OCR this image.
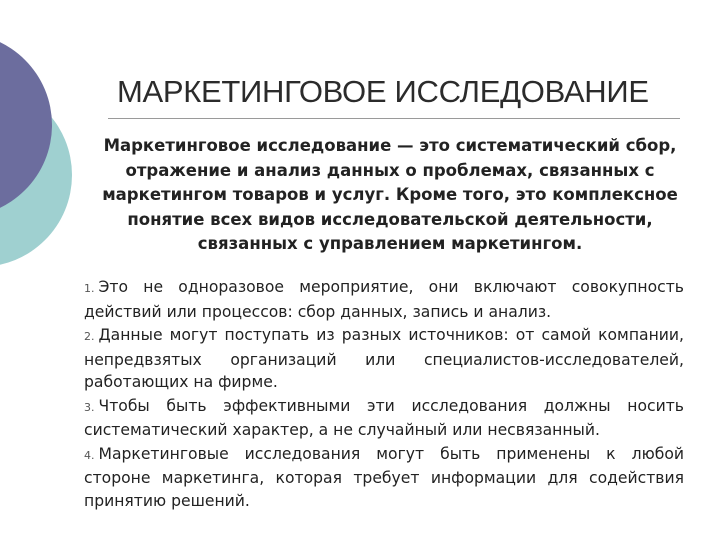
МАРКЕТИНГОВОЕ ИССЛЕДОВАНИЕ

Маркетинговое исследование — это систематический сбор, отражение и анализ данных о проблемах, связанных с маркетингом товаров и услуг. Кроме того, это комплексное понятие всех видов исследовательской деятельности, связанных с управлением маркетингом.

1. Это не одноразовое мероприятие, они включают совокупность действий или процессов: сбор данных, запись и анализ.
2. Данные могут поступать из разных источников: от самой компании, непредвзятых организаций или специалистов-исследователей, работающих на фирме.
3. Чтобы быть эффективными эти исследования должны носить систематический характер, а не случайный или несвязанный.
4. Маркетинговые исследования могут быть применены к любой стороне маркетинга, которая требует информации для содействия принятию решений.
